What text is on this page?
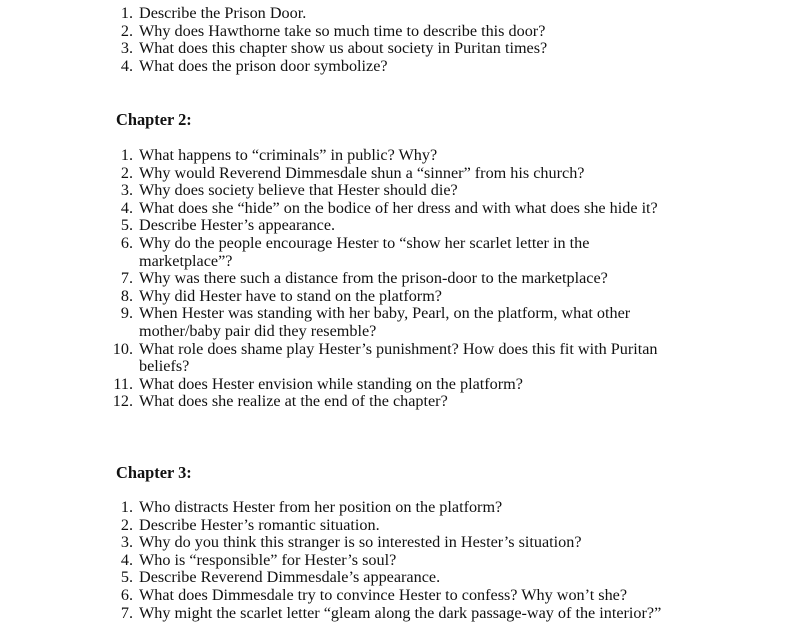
1. Describe the Prison Door.
2. Why does Hawthorne take so much time to describe this door?
3. What does this chapter show us about society in Puritan times?
4. What does the prison door symbolize?
Chapter 2:
1. What happens to “criminals” in public? Why?
2. Why would Reverend Dimmesdale shun a “sinner” from his church?
3. Why does society believe that Hester should die?
4. What does she “hide” on the bodice of her dress and with what does she hide it?
5. Describe Hester’s appearance.
6. Why do the people encourage Hester to “show her scarlet letter in the marketplace”?
7. Why was there such a distance from the prison-door to the marketplace?
8. Why did Hester have to stand on the platform?
9. When Hester was standing with her baby, Pearl, on the platform, what other mother/baby pair did they resemble?
10. What role does shame play Hester’s punishment? How does this fit with Puritan beliefs?
11. What does Hester envision while standing on the platform?
12. What does she realize at the end of the chapter?
Chapter 3:
1. Who distracts Hester from her position on the platform?
2. Describe Hester’s romantic situation.
3. Why do you think this stranger is so interested in Hester’s situation?
4. Who is “responsible” for Hester’s soul?
5. Describe Reverend Dimmesdale’s appearance.
6. What does Dimmesdale try to convince Hester to confess? Why won’t she?
7. Why might the scarlet letter “gleam along the dark passage-way of the interior?”
